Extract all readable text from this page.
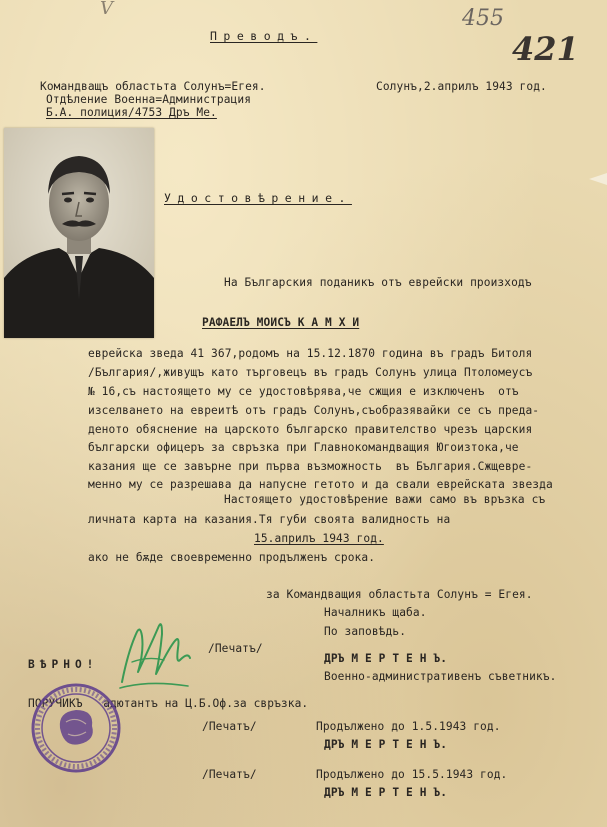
V	455
421
Преводъ.
Командващъ областьта Солунъ=Егея.	Солунъ,2.априлъ 1943 год.
Отдѣление Военна=Администрация
Б.А. полиция/4753 Дръ Ме.
Удостовѣрение.
На Българския поданикъ отъ еврейски произходъ
РАФАЕЛЪ МОИСЪ К А М Х И
еврейска зведа 41 367,родомъ на 15.12.1870 година въ градъ Битоля
/България/,живущъ като търговецъ въ градъ Солунъ улица Птоломеусъ
№ 16,съ настоящето му се удостовѣрява,че сжщия е изключенъ  отъ
изселването на евреитѣ отъ градъ Солунъ,съобразявайки се съ преда-
деното обяснение на царското българско правителство чрезъ царския
български офицеръ за свръзка при Главнокомандващия Югоизтока,че
казания ще се завърне при първа възможность  въ България.Сжщевре-
менно му се разрешава да напусне гетото и да свали еврейската звезда
Настоящето удостовѣрение важи само въ връзка съ
личната карта на казания.Тя губи своята валидность на
15.априлъ 1943 год.
ако не бѫде своевременно продълженъ срока.
за Командващия областьта Солунъ = Егея.
Началникъ щаба.
По заповѣдь.
/Печатъ/
ДРЪ М Е Р Т Е Н Ъ.
ВѢРНО!
Военно-административенъ съветникъ.
ПОРУЧИКЪ   адютантъ на Ц.Б.Оф.за свръзка.
/Печатъ/	Продължено до 1.5.1943 год.
ДРЪ М Е Р Т Е Н Ъ.
/Печатъ/	Продължено до 15.5.1943 год.
ДРЪ М Е Р Т Е Н Ъ.
